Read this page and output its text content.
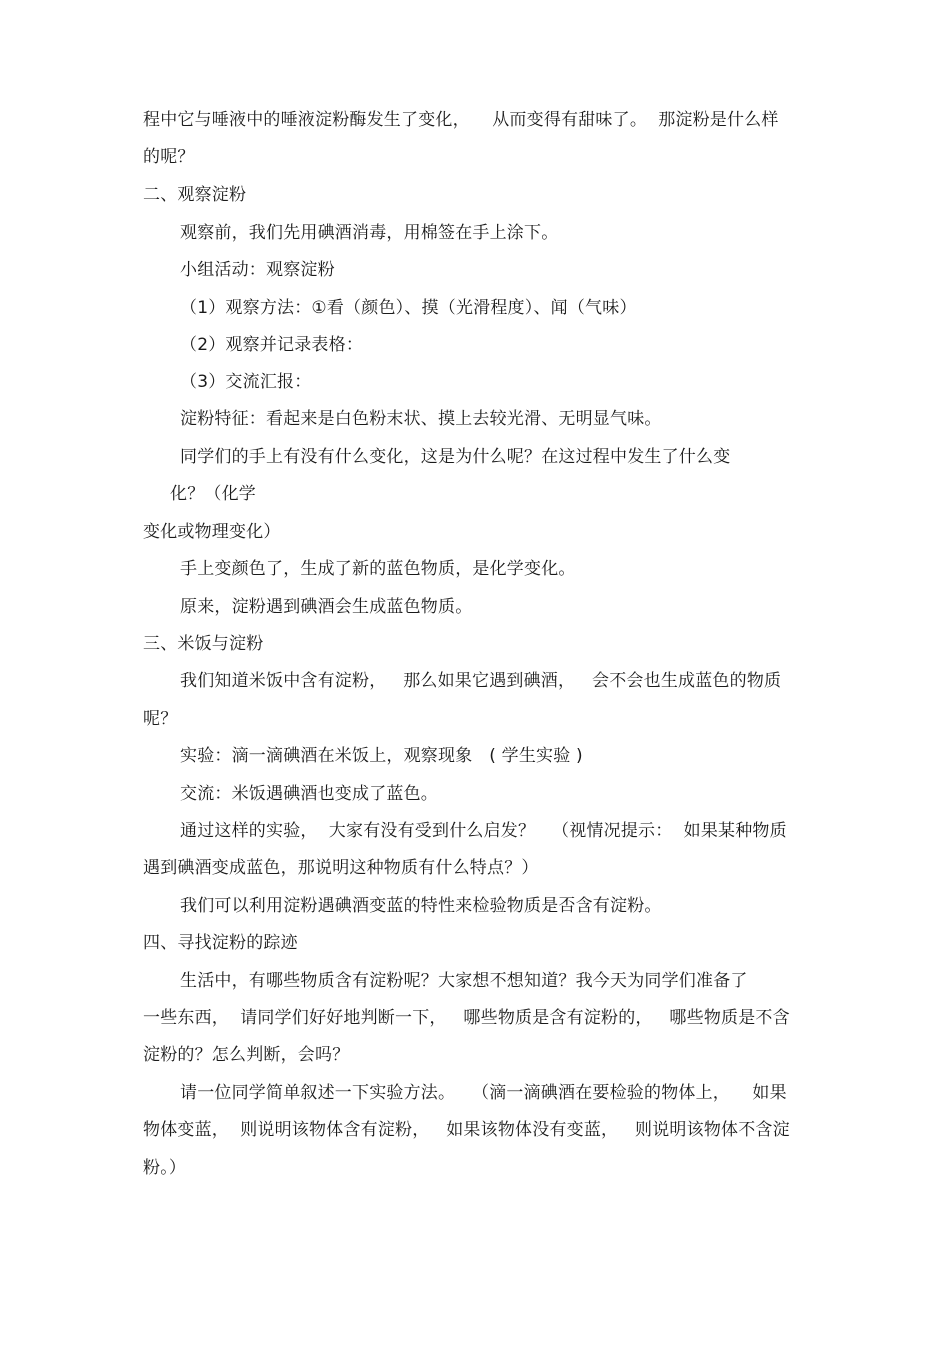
程中它与唾液中的唾液淀粉酶发生了变化，    从而变得有甜味了。  那淀粉是什么样
的呢？
二、观察淀粉
观察前，我们先用碘酒消毒，用棉签在手上涂下。
小组活动：观察淀粉
（1）观察方法：①看（颜色）、摸（光滑程度）、闻（气味）
（2）观察并记录表格：
（3）交流汇报：
淀粉特征：看起来是白色粉末状、摸上去较光滑、无明显气味。
同学们的手上有没有什么变化，这是为什么呢？在这过程中发生了什么变
化？（化学
变化或物理变化）
手上变颜色了，生成了新的蓝色物质，是化学变化。
原来，淀粉遇到碘酒会生成蓝色物质。
三、米饭与淀粉
我们知道米饭中含有淀粉，   那么如果它遇到碘酒，   会不会也生成蓝色的物质
呢？
实验：滴一滴碘酒在米饭上，观察现象   ( 学生实验 )
交流：米饭遇碘酒也变成了蓝色。
通过这样的实验，  大家有没有受到什么启发？   （视情况提示：  如果某种物质
遇到碘酒变成蓝色，那说明这种物质有什么特点？）
我们可以利用淀粉遇碘酒变蓝的特性来检验物质是否含有淀粉。
四、寻找淀粉的踪迹
生活中，有哪些物质含有淀粉呢？大家想不想知道？我今天为同学们准备了
一些东西，  请同学们好好地判断一下，   哪些物质是含有淀粉的，   哪些物质是不含
淀粉的？怎么判断，会吗？
请一位同学简单叙述一下实验方法。   （滴一滴碘酒在要检验的物体上，    如果
物体变蓝，  则说明该物体含有淀粉，   如果该物体没有变蓝，   则说明该物体不含淀
粉。）
